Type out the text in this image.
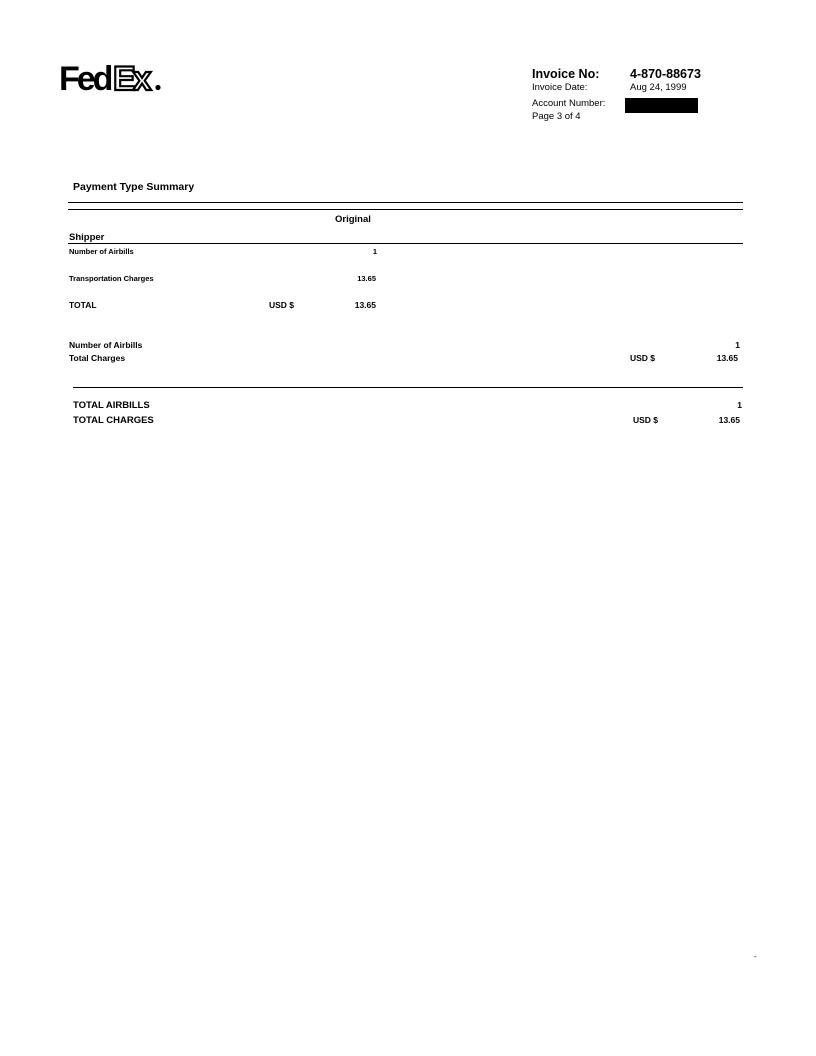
Fed Ex	Invoice No: 4-870-88673
Invoice Date:	Aug 24, 1999
Account Number:
Page 3 of 4
Payment Type Summary
Original
Shipper
Number of Airbills	1
Transportation Charges	13.65
TOTAL	USD $	13.65
Number of Airbills	1
Total Charges	USD $	13.65
TOTAL AIRBILLS	1
TOTAL CHARGES	USD $	13.65
-
